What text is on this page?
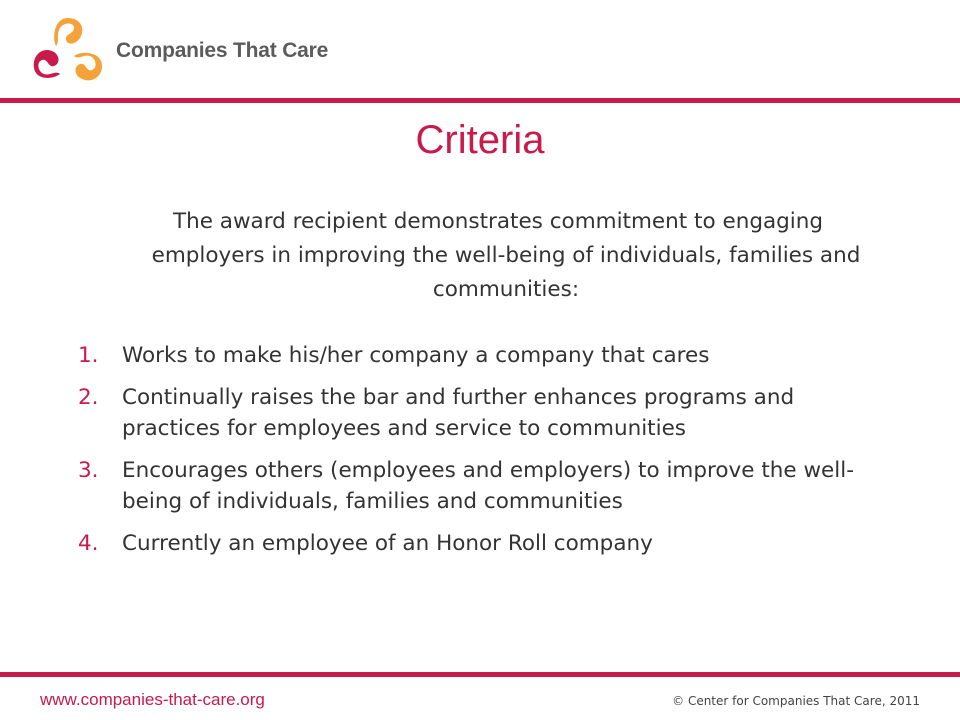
Companies That Care
Criteria

The award recipient demonstrates commitment to engaging employers in improving the well-being of individuals, families and communities:

1.	Works to make his/her company a company that cares
2.	Continually raises the bar and further enhances programs and practices for employees and service to communities
3.	Encourages others (employees and employers) to improve the well-being of individuals, families and communities
4.	Currently an employee of an Honor Roll company
www.companies-that-care.org	© Center for Companies That Care, 2011
